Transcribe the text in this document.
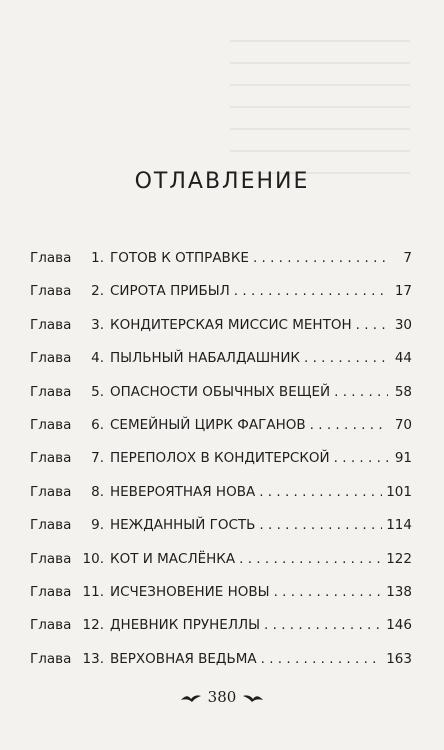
ОТЛАВЛЕНИЕ
Глава 1. ГОТОВ К ОТПРАВКЕ . . .	7
Глава 2. СИРОТА ПРИБЫЛ . . .	17
Глава 3. КОНДИТЕРСКАЯ МИССИС МЕНТОН . . .	30
Глава 4. ПЫЛЬНЫЙ НАБАЛДАШНИК . . .	44
Глава 5. ОПАСНОСТИ ОБЫЧНЫХ ВЕЩЕЙ . . .	58
Глава 6. СЕМЕЙНЫЙ ЦИРК ФАГАНОВ . . .	70
Глава 7. ПЕРЕПОЛОХ В КОНДИТЕРСКОЙ . . .	91
Глава 8. НЕВЕРОЯТНАЯ НОВА . . .	101
Глава 9. НЕЖДАННЫЙ ГОСТЬ . . .	114
Глава 10. КОТ И МАСЛЁНКА . . .	122
Глава 11. ИСЧЕЗНОВЕНИЕ НОВЫ . . .	138
Глава 12. ДНЕВНИК ПРУНЕЛЛЫ . . .	146
Глава 13. ВЕРХОВНАЯ ВЕДЬМА . . .	163
380
